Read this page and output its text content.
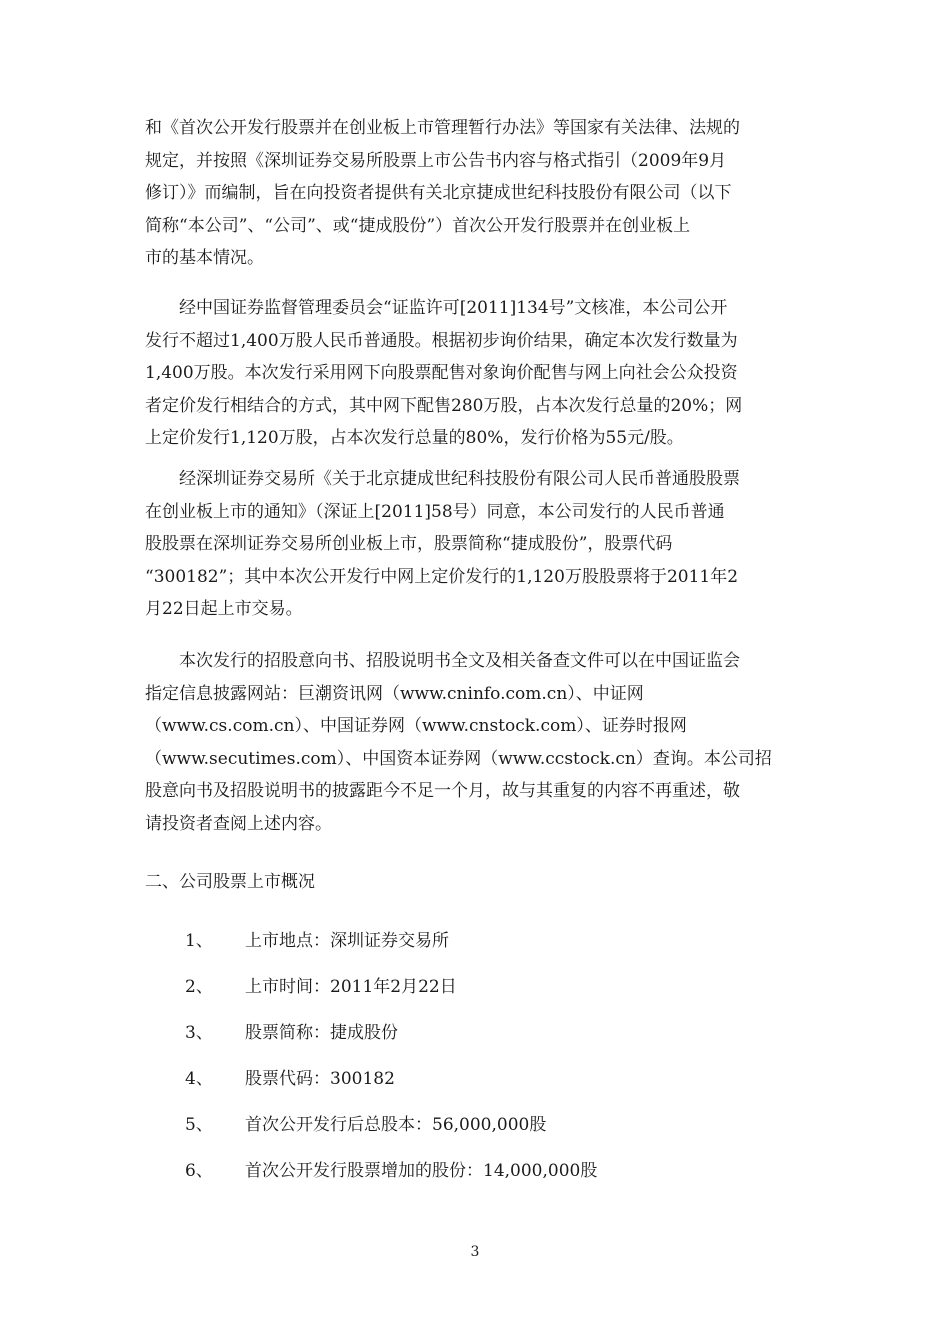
和《首次公开发行股票并在创业板上市管理暂行办法》等国家有关法律、法规的
规定，并按照《深圳证券交易所股票上市公告书内容与格式指引（2009年9月
修订）》而编制，旨在向投资者提供有关北京捷成世纪科技股份有限公司（以下
简称“本公司”、“公司”、或“捷成股份”）首次公开发行股票并在创业板上
市的基本情况。
　　经中国证券监督管理委员会“证监许可[2011]134号”文核准，本公司公开
发行不超过1,400万股人民币普通股。根据初步询价结果，确定本次发行数量为
1,400万股。本次发行采用网下向股票配售对象询价配售与网上向社会公众投资
者定价发行相结合的方式，其中网下配售280万股，占本次发行总量的20%；网
上定价发行1,120万股，占本次发行总量的80%，发行价格为55元/股。
　　经深圳证券交易所《关于北京捷成世纪科技股份有限公司人民币普通股股票
在创业板上市的通知》（深证上[2011]58号）同意，本公司发行的人民币普通
股股票在深圳证券交易所创业板上市，股票简称“捷成股份”，股票代码
“300182”；其中本次公开发行中网上定价发行的1,120万股股票将于2011年2
月22日起上市交易。
　　本次发行的招股意向书、招股说明书全文及相关备查文件可以在中国证监会
指定信息披露网站：巨潮资讯网（www.cninfo.com.cn）、中证网
（www.cs.com.cn）、中国证券网（www.cnstock.com）、证券时报网
（www.secutimes.com）、中国资本证券网（www.ccstock.cn）查询。本公司招
股意向书及招股说明书的披露距今不足一个月，故与其重复的内容不再重述，敬
请投资者查阅上述内容。
二、公司股票上市概况
1、 上市地点：深圳证券交易所
2、 上市时间：2011年2月22日
3、 股票简称：捷成股份
4、 股票代码：300182
5、 首次公开发行后总股本：56,000,000股
6、 首次公开发行股票增加的股份：14,000,000股
3
